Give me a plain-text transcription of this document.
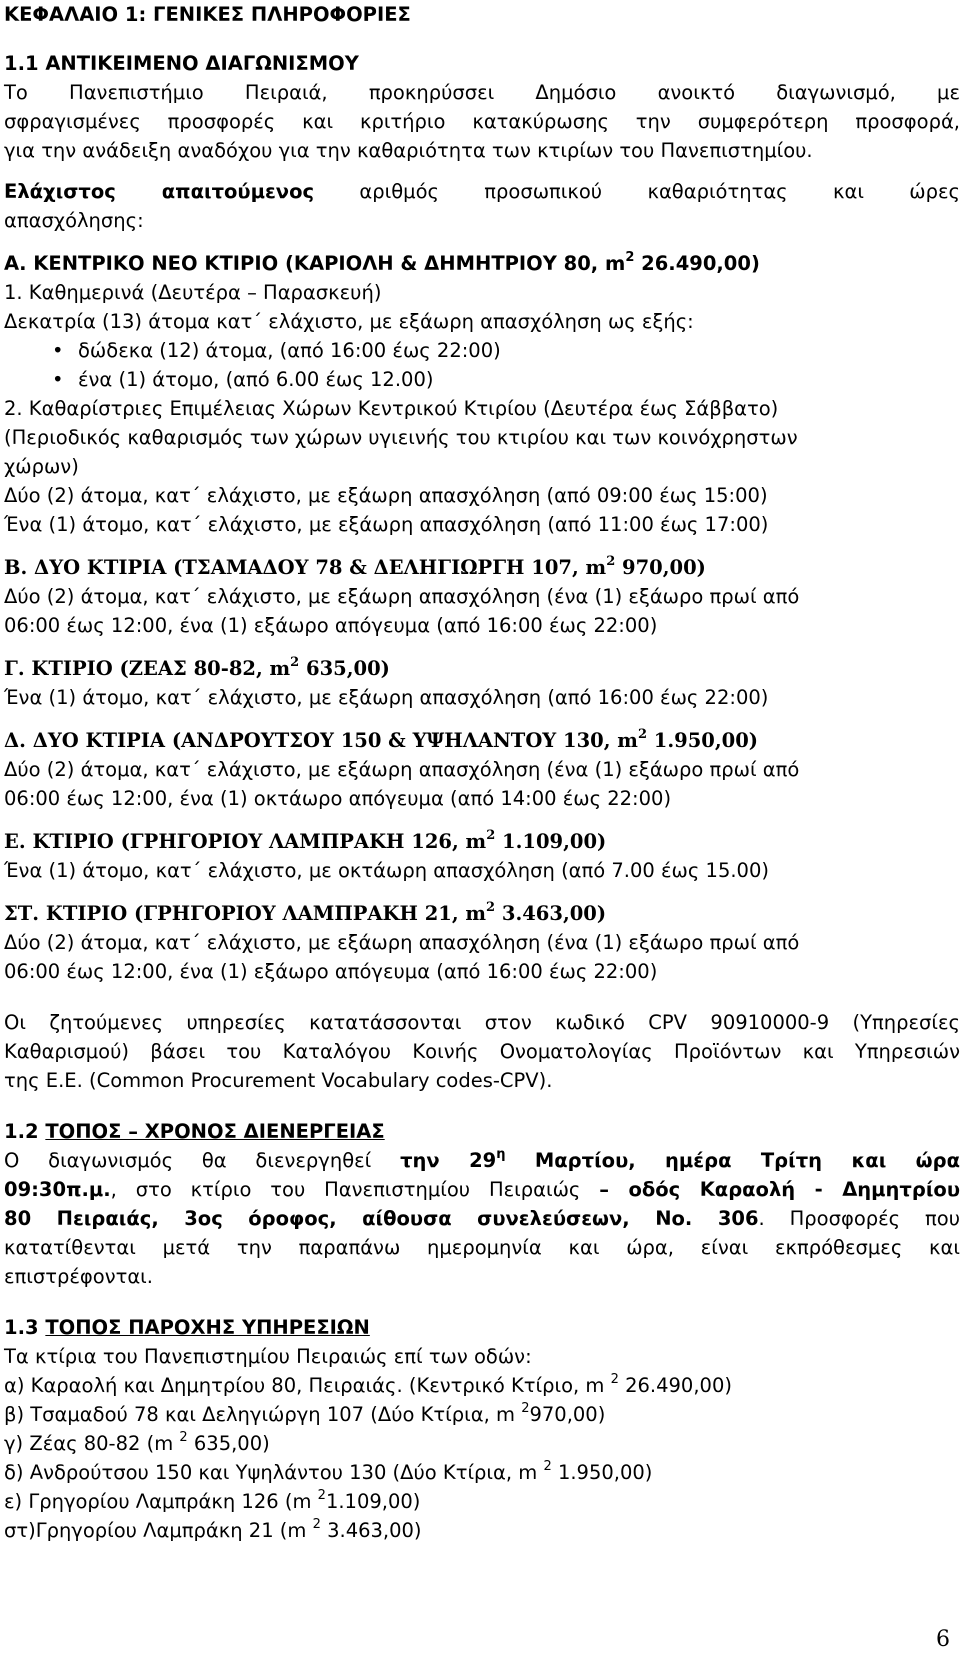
ΚΕΦΑΛΑΙΟ 1: ΓΕΝΙΚΕΣ ΠΛΗΡΟΦΟΡΙΕΣ

1.1 ΑΝΤΙΚΕΙΜΕΝΟ ΔΙΑΓΩΝΙΣΜΟΥ

Το Πανεπιστήμιο Πειραιά, προκηρύσσει Δημόσιο ανοικτό διαγωνισμό, με

σφραγισμένες προσφορές και κριτήριο κατακύρωσης την συμφερότερη προσφορά,

για την ανάδειξη αναδόχου για την καθαριότητα των κτιρίων του Πανεπιστημίου.

Ελάχιστος απαιτούμενος αριθμός προσωπικού καθαριότητας και ώρες

απασχόλησης:

Α. ΚΕΝΤΡΙΚΟ ΝΕΟ ΚΤΙΡΙΟ (ΚΑΡΙΟΛΗ & ΔΗΜΗΤΡΙΟΥ 80, $m^2$ 26.490,00)

1. Καθημερινά (Δευτέρα – Παρασκευή)

Δεκατρία (13) άτομα κατ΄ ελάχιστο, με εξάωρη απασχόληση ως εξής:

• δώδεκα (12) άτομα, (από 16:00 έως 22:00)
• ένα (1) άτομο, (από 6.00 έως 12.00)

2. Καθαρίστριες Επιμέλειας Χώρων Κεντρικού Κτιρίου (Δευτέρα έως Σάββατο)

(Περιοδικός καθαρισμός των χώρων υγιεινής του κτιρίου και των κοινόχρηστων

χώρων)

Δύο (2) άτομα, κατ΄ ελάχιστο, με εξάωρη απασχόληση (από 09:00 έως 15:00)

Ένα (1) άτομο, κατ΄ ελάχιστο, με εξάωρη απασχόληση (από 11:00 έως 17:00)

Β. ΔΥΟ ΚΤΙΡΙΑ (ΤΣΑΜΑΔΟΥ 78 & ΔΕΛΗΓΙΩΡΓΗ 107, $m^2$ 970,00)

Δύο (2) άτομα, κατ΄ ελάχιστο, με εξάωρη απασχόληση (ένα (1) εξάωρο πρωί από

06:00 έως 12:00, ένα (1) εξάωρο απόγευμα (από 16:00 έως 22:00)

Γ. ΚΤΙΡΙΟ (ΖΕΑΣ 80-82, $m^2$ 635,00)

Ένα (1) άτομο, κατ΄ ελάχιστο, με εξάωρη απασχόληση (από 16:00 έως 22:00)

Δ. ΔΥΟ ΚΤΙΡΙΑ (ΑΝΔΡΟΥΤΣΟΥ 150 & ΥΨΗΛΑΝΤΟΥ 130, $m^2$ 1.950,00)

Δύο (2) άτομα, κατ΄ ελάχιστο, με εξάωρη απασχόληση (ένα (1) εξάωρο πρωί από

06:00 έως 12:00, ένα (1) οκτάωρο απόγευμα (από 14:00 έως 22:00)

Ε. ΚΤΙΡΙΟ (ΓΡΗΓΟΡΙΟΥ ΛΑΜΠΡΑΚΗ 126, $m^2$ 1.109,00)

Ένα (1) άτομο, κατ΄ ελάχιστο, με οκτάωρη απασχόληση (από 7.00 έως 15.00)

ΣΤ. ΚΤΙΡΙΟ (ΓΡΗΓΟΡΙΟΥ ΛΑΜΠΡΑΚΗ 21, $m^2$ 3.463,00)

Δύο (2) άτομα, κατ΄ ελάχιστο, με εξάωρη απασχόληση (ένα (1) εξάωρο πρωί από

06:00 έως 12:00, ένα (1) εξάωρο απόγευμα (από 16:00 έως 22:00)

Οι ζητούμενες υπηρεσίες κατατάσσονται στον κωδικό CPV 90910000-9 (Υπηρεσίες

Καθαρισμού) βάσει του Καταλόγου Κοινής Ονοματολογίας Προϊόντων και Υπηρεσιών

της Ε.Ε. (Common Procurement Vocabulary codes-CPV).

1.2 ΤΟΠΟΣ – ΧΡΟΝΟΣ ΔΙΕΝΕΡΓΕΙΑΣ

Ο διαγωνισμός θα διενεργηθεί την $29^\eta$ Μαρτίου, ημέρα Τρίτη και ώρα

09:30π.μ., στο κτίριο του Πανεπιστημίου Πειραιώς – οδός Καραολή - Δημητρίου

80 Πειραιάς, 3ος όροφος, αίθουσα συνελεύσεων, Νο. 306. Προσφορές που

κατατίθενται μετά την παραπάνω ημερομηνία και ώρα, είναι εκπρόθεσμες και

επιστρέφονται.

1.3 ΤΟΠΟΣ ΠΑΡΟΧΗΣ ΥΠΗΡΕΣΙΩΝ

Τα κτίρια του Πανεπιστημίου Πειραιώς επί των οδών:

α) Καραολή και Δημητρίου 80, Πειραιάς. (Κεντρικό Κτίριο, m $^2$ 26.490,00)

β) Τσαμαδού 78 και Δεληγιώργη 107 (Δύο Κτίρια, m $^2$970,00)

γ) Ζέας 80-82 (m $^2$ 635,00)

δ) Ανδρούτσου 150 και Υψηλάντου 130 (Δύο Κτίρια, m $^2$ 1.950,00)

ε) Γρηγορίου Λαμπράκη 126 (m $^2$1.109,00)

στ)Γρηγορίου Λαμπράκη 21 (m $^2$ 3.463,00)

6
